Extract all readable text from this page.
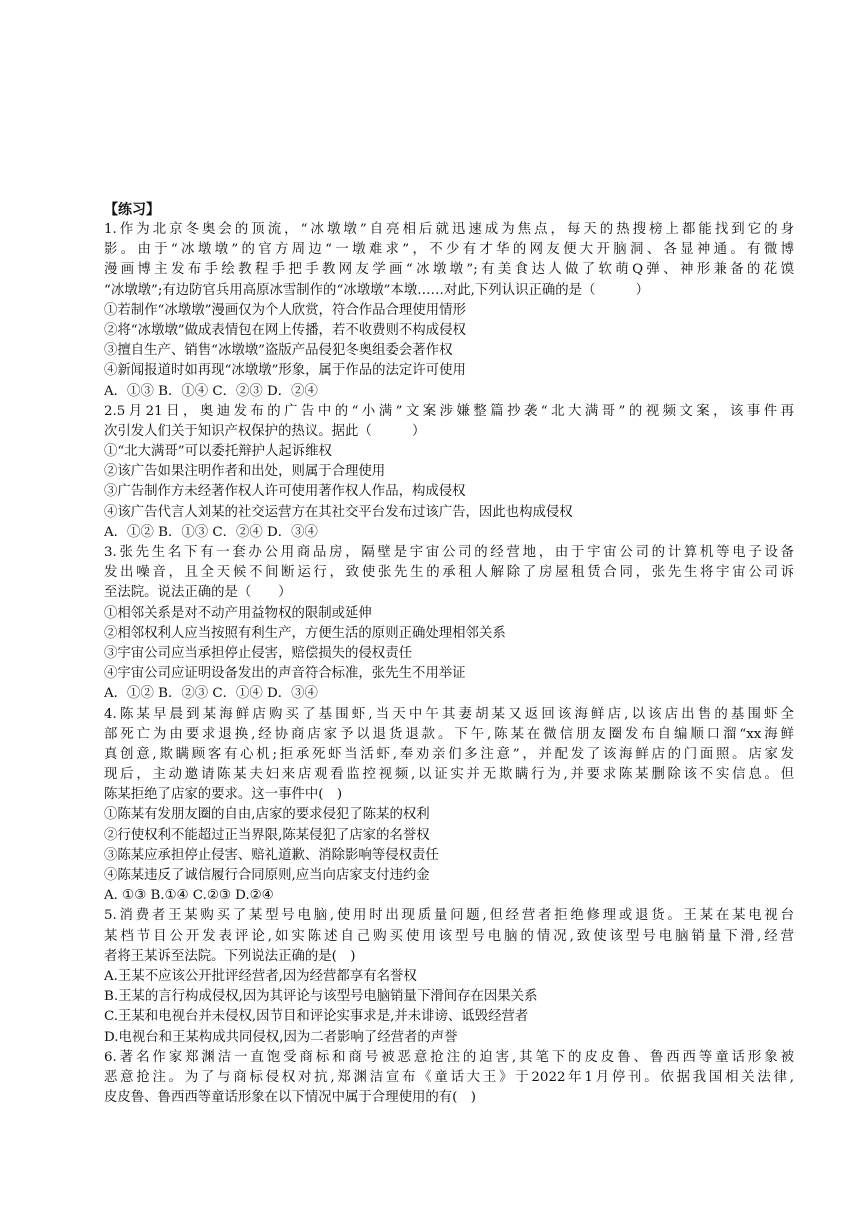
【练习】
1.作为北京冬奥会的顶流，“冰墩墩”自亮相后就迅速成为焦点，每天的热搜榜上都能找到它的身
影。由于“冰墩墩”的官方周边“一墩难求”，不少有才华的网友便大开脑洞、各显神通。有微博
漫画博主发布手绘教程手把手教网友学画“冰墩墩”;有美食达人做了软萌Q弹、神形兼备的花馍
“冰墩墩”;有边防官兵用高原冰雪制作的“冰墩墩”本墩……对此,下列认识正确的是（　　　）
①若制作“冰墩墩”漫画仅为个人欣赏，符合作品合理使用情形
②将“冰墩墩”做成表情包在网上传播，若不收费则不构成侵权
③擅自生产、销售“冰墩墩”盗版产品侵犯冬奥组委会著作权
④新闻报道时如再现“冰墩墩”形象，属于作品的法定许可使用
A．①③ B．①④ C．②③ D．②④
2.5月21日，奥迪发布的广告中的“小满”文案涉嫌整篇抄袭“北大满哥”的视频文案，该事件再
次引发人们关于知识产权保护的热议。据此（　　　）
①“北大满哥”可以委托辩护人起诉维权
②该广告如果注明作者和出处，则属于合理使用
③广告制作方未经著作权人许可使用著作权人作品，构成侵权
④该广告代言人刘某的社交运营方在其社交平台发布过该广告，因此也构成侵权
A．①② B．①③ C．②④ D．③④
3.张先生名下有一套办公用商品房，隔壁是宇宙公司的经营地，由于宇宙公司的计算机等电子设备
发出噪音，且全天候不间断运行，致使张先生的承租人解除了房屋租赁合同，张先生将宇宙公司诉
至法院。说法正确的是（　　）
①相邻关系是对不动产用益物权的限制或延伸
②相邻权利人应当按照有利生产，方便生活的原则正确处理相邻关系
③宇宙公司应当承担停止侵害，赔偿损失的侵权责任
④宇宙公司应证明设备发出的声音符合标准，张先生不用举证
A．①② B．②③ C．①④ D．③④
4.陈某早晨到某海鲜店购买了基围虾,当天中午其妻胡某又返回该海鲜店,以该店出售的基围虾全
部死亡为由要求退换,经协商店家予以退货退款。下午,陈某在微信朋友圈发布自编顺口溜“xx海鲜
真创意,欺瞒顾客有心机;拒承死虾当活虾,奉劝亲们多注意”，并配发了该海鲜店的门面照。店家发
现后，主动邀请陈某夫妇来店观看监控视频,以证实并无欺瞒行为,并要求陈某删除该不实信息。但
陈某拒绝了店家的要求。这一事件中(　)
①陈某有发朋友圈的自由,店家的要求侵犯了陈某的权利
②行使权利不能超过正当界限,陈某侵犯了店家的名誉权
③陈某应承担停止侵害、赔礼道歉、消除影响等侵权责任
④陈某违反了诚信履行合同原则,应当向店家支付违约金
A. ①③ B.①④ C.②③ D.②④
5.消费者王某购买了某型号电脑,使用时出现质量问题,但经营者拒绝修理或退货。王某在某电视台
某档节目公开发表评论,如实陈述自己购买使用该型号电脑的情况,致使该型号电脑销量下滑,经营
者将王某诉至法院。下列说法正确的是(　)
A.王某不应该公开批评经营者,因为经营都享有名誉权
B.王某的言行构成侵权,因为其评论与该型号电脑销量下滑间存在因果关系
C.王某和电视台并未侵权,因节目和评论实事求是,并未诽谤、诋毁经营者
D.电视台和王某构成共同侵权,因为二者影响了经营者的声誉
6.著名作家郑渊洁一直饱受商标和商号被恶意抢注的迫害,其笔下的皮皮鲁、鲁西西等童话形象被
恶意抢注。为了与商标侵权对抗,郑渊洁宣布《童话大王》于2022年1月停刊。依据我国相关法律,
皮皮鲁、鲁西西等童话形象在以下情况中属于合理使用的有(　)
